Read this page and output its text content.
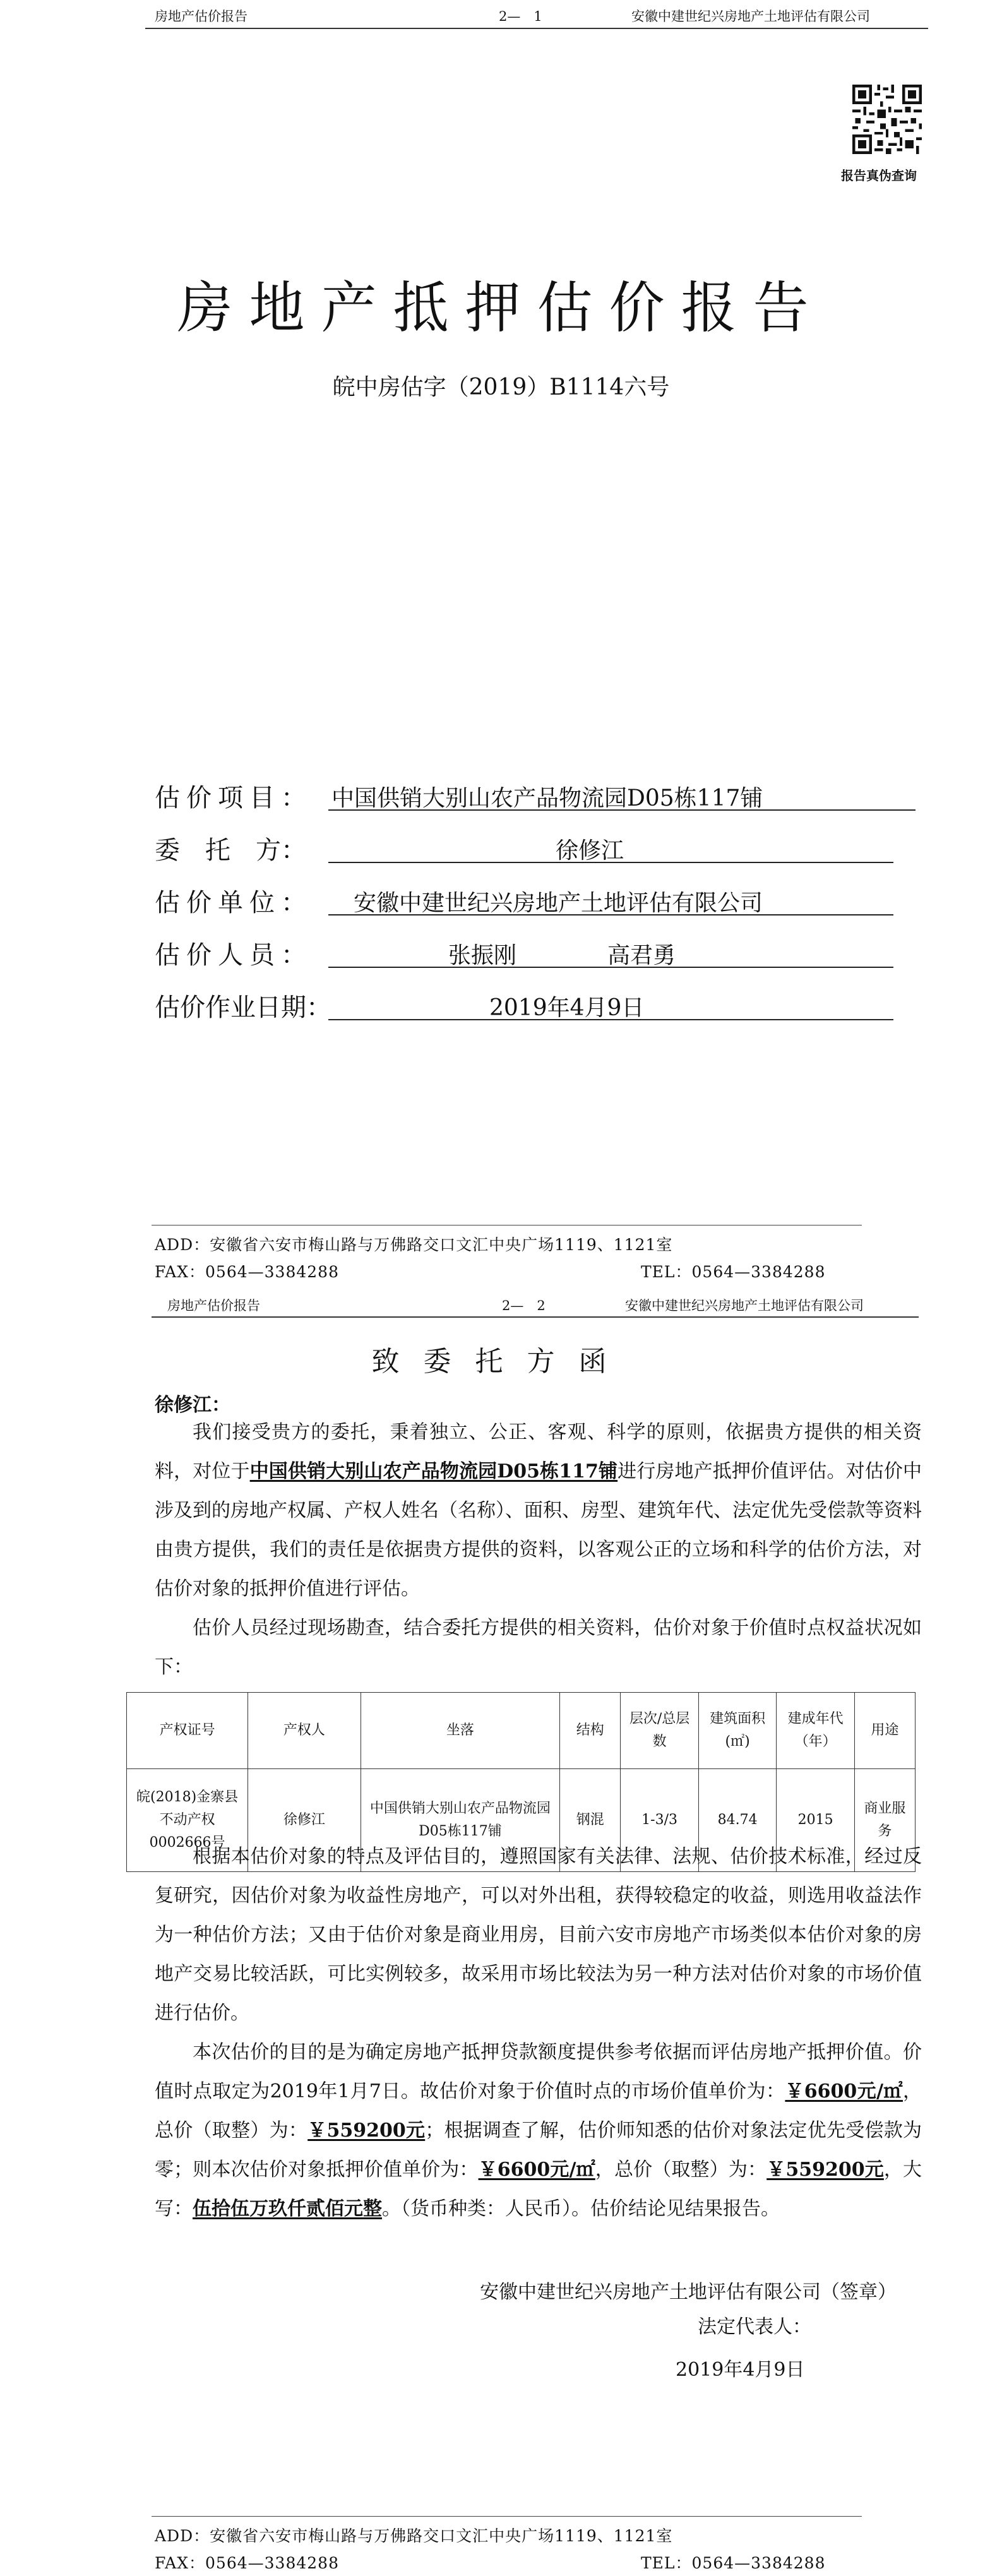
房地产估价报告	2—　1	安徽中建世纪兴房地产土地评估有限公司
报告真伪查询
房地产抵押估价报告
皖中房估字（2019）B1114六号
估价项目： 中国供销大别山农产品物流园D05栋117铺
委　托　方：	徐修江
估价单位： 安徽中建世纪兴房地产土地评估有限公司
估价人员：	张振刚　　　　高君勇
估价作业日期：	2019年4月9日
ADD：安徽省六安市梅山路与万佛路交口文汇中央广场1119、1121室
FAX：0564—3384288	TEL：0564—3384288
房地产估价报告	2—　2	安徽中建世纪兴房地产土地评估有限公司
致委托方函
徐修江：

我们接受贵方的委托，秉着独立、公正、客观、科学的原则，依据贵方提供的相关资料，对位于中国供销大别山农产品物流园D05栋117铺进行房地产抵押价值评估。对估价中涉及到的房地产权属、产权人姓名（名称）、面积、房型、建筑年代、法定优先受偿款等资料由贵方提供，我们的责任是依据贵方提供的资料，以客观公正的立场和科学的估价方法，对估价对象的抵押价值进行评估。

估价人员经过现场勘查，结合委托方提供的相关资料，估价对象于价值时点权益状况如下：

产权证号	产权人	坐落	结构	层次/总层数	建筑面积(㎡)	建成年代（年）	用途
皖(2018)金寨县不动产权0002666号	徐修江	中国供销大别山农产品物流园D05栋117铺	钢混	1-3/3	84.74	2015	商业服务

根据本估价对象的特点及评估目的，遵照国家有关法律、法规、估价技术标准，经过反复研究，因估价对象为收益性房地产，可以对外出租，获得较稳定的收益，则选用收益法作为一种估价方法；又由于估价对象是商业用房，目前六安市房地产市场类似本估价对象的房地产交易比较活跃，可比实例较多，故采用市场比较法为另一种方法对估价对象的市场价值进行估价。

本次估价的目的是为确定房地产抵押贷款额度提供参考依据而评估房地产抵押价值。价值时点取定为2019年1月7日。故估价对象于价值时点的市场价值单价为：￥6600元/㎡，总价（取整）为：￥559200元；根据调查了解，估价师知悉的估价对象法定优先受偿款为零；则本次估价对象抵押价值单价为：￥6600元/㎡，总价（取整）为：￥559200元，大写：伍拾伍万玖仟贰佰元整。（货币种类：人民币）。估价结论见结果报告。

安徽中建世纪兴房地产土地评估有限公司（签章）
法定代表人：
2019年4月9日
ADD：安徽省六安市梅山路与万佛路交口文汇中央广场1119、1121室
FAX：0564—3384288	TEL：0564—3384288
